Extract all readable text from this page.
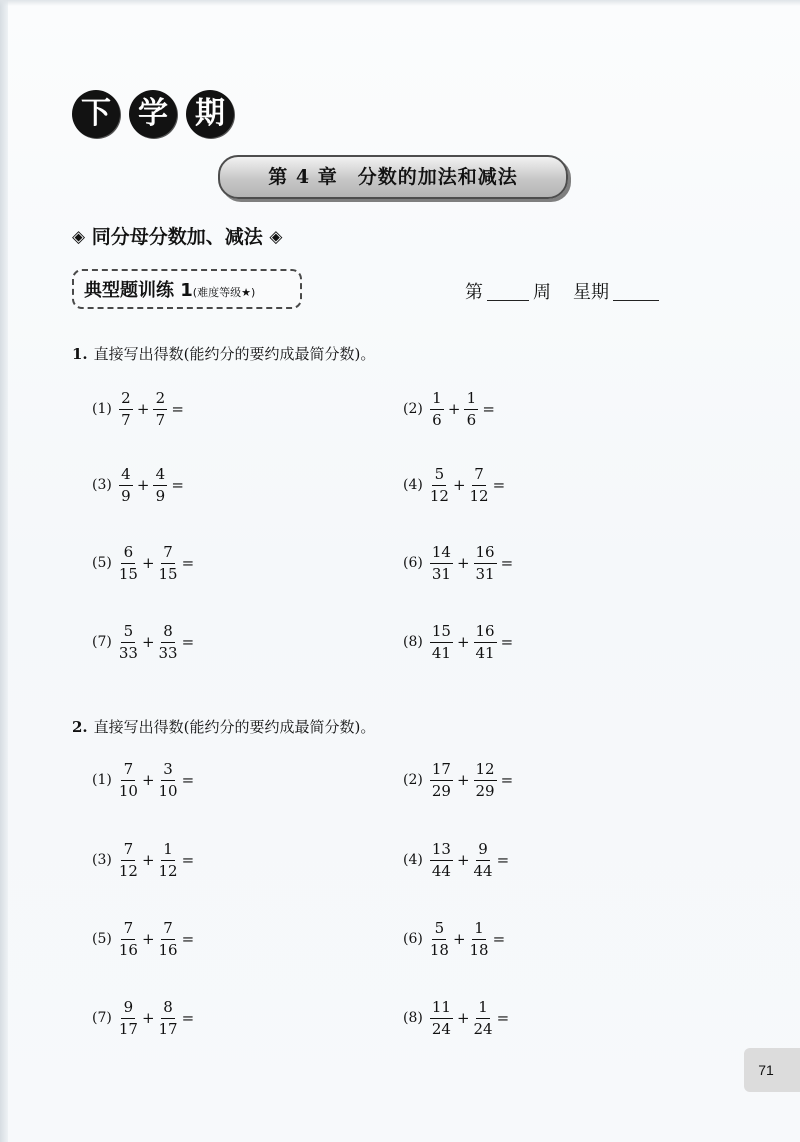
下 学 期
第 4 章　分数的加法和减法
◈ 同分母分数加、减法 ◈
典型题训练 1(难度等级★)	第	周 星期
1. 直接写出得数(能约分的要约成最简分数)。
$(1) \frac{2}{7} + \frac{2}{7}$ =	$(2) \frac{1}{6} + \frac{1}{6}$ =
$(3) \frac{4}{9} + \frac{4}{9}$ =	$(4) \frac{5}{12} + \frac{7}{12}$ =
$(5) \frac{6}{15} + \frac{7}{15}$ =	$(6) \frac{14}{31} + \frac{16}{31}$ =
$(7) \frac{5}{33} + \frac{8}{33}$ =	$(8) \frac{15}{41} + \frac{16}{41}$ =
2. 直接写出得数(能约分的要约成最简分数)。
$(1) \frac{7}{10} + \frac{3}{10}$ =	$(2) \frac{17}{29} + \frac{12}{29}$ =
$(3) \frac{7}{12} + \frac{1}{12}$ =	$(4) \frac{13}{44} + \frac{9}{44}$ =
$(5) \frac{7}{16} + \frac{7}{16}$ =	$(6) \frac{5}{18} + \frac{1}{18}$ =
$(7) \frac{9}{17} + \frac{8}{17}$ =	$(8) \frac{11}{24} + \frac{1}{24}$ =
71
